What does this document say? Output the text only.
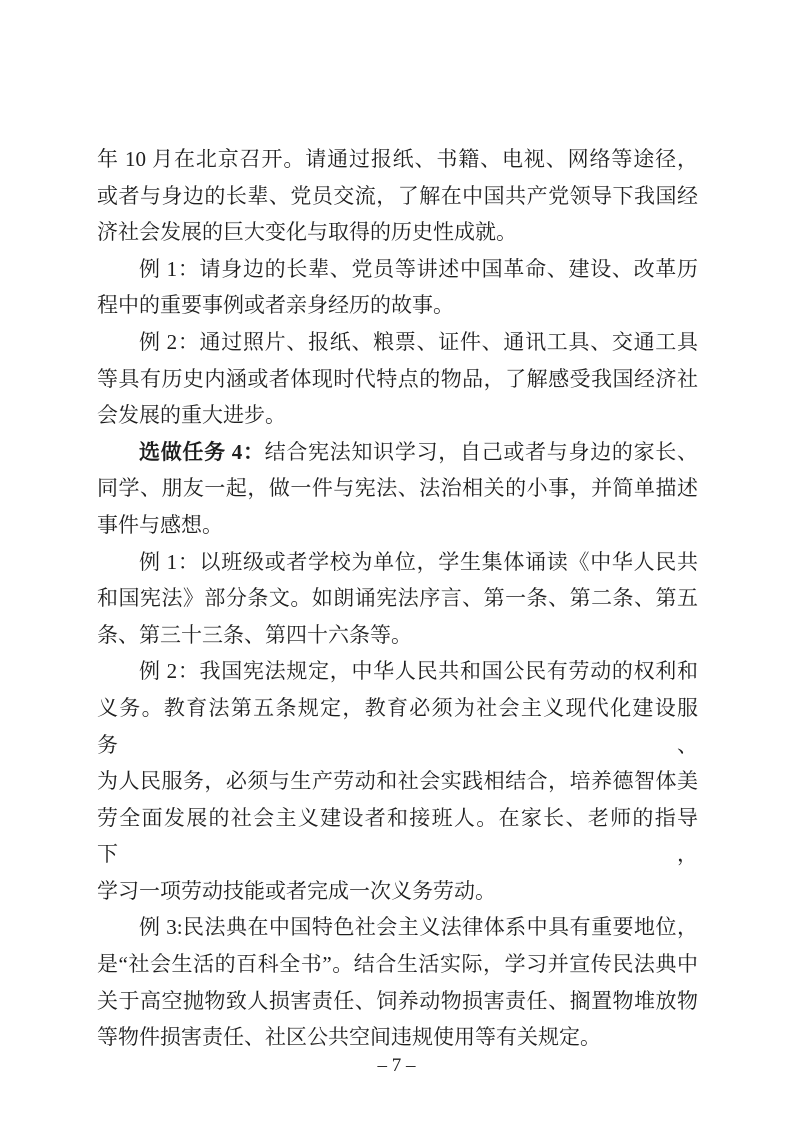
年 10 月在北京召开。请通过报纸、书籍、电视、网络等途径，
或者与身边的长辈、党员交流，了解在中国共产党领导下我国经
济社会发展的巨大变化与取得的历史性成就。

例 1：请身边的长辈、党员等讲述中国革命、建设、改革历
程中的重要事例或者亲身经历的故事。

例 2：通过照片、报纸、粮票、证件、通讯工具、交通工具
等具有历史内涵或者体现时代特点的物品，了解感受我国经济社
会发展的重大进步。

选做任务 4：结合宪法知识学习，自己或者与身边的家长、
同学、朋友一起，做一件与宪法、法治相关的小事，并简单描述
事件与感想。

例 1：以班级或者学校为单位，学生集体诵读《中华人民共
和国宪法》部分条文。如朗诵宪法序言、第一条、第二条、第五
条、第三十三条、第四十六条等。

例 2：我国宪法规定，中华人民共和国公民有劳动的权利和
义务。教育法第五条规定，教育必须为社会主义现代化建设服务、
为人民服务，必须与生产劳动和社会实践相结合，培养德智体美
劳全面发展的社会主义建设者和接班人。在家长、老师的指导下，
学习一项劳动技能或者完成一次义务劳动。

例 3:民法典在中国特色社会主义法律体系中具有重要地位，
是“社会生活的百科全书”。结合生活实际，学习并宣传民法典中
关于高空抛物致人损害责任、饲养动物损害责任、搁置物堆放物
等物件损害责任、社区公共空间违规使用等有关规定。

– 7 –
